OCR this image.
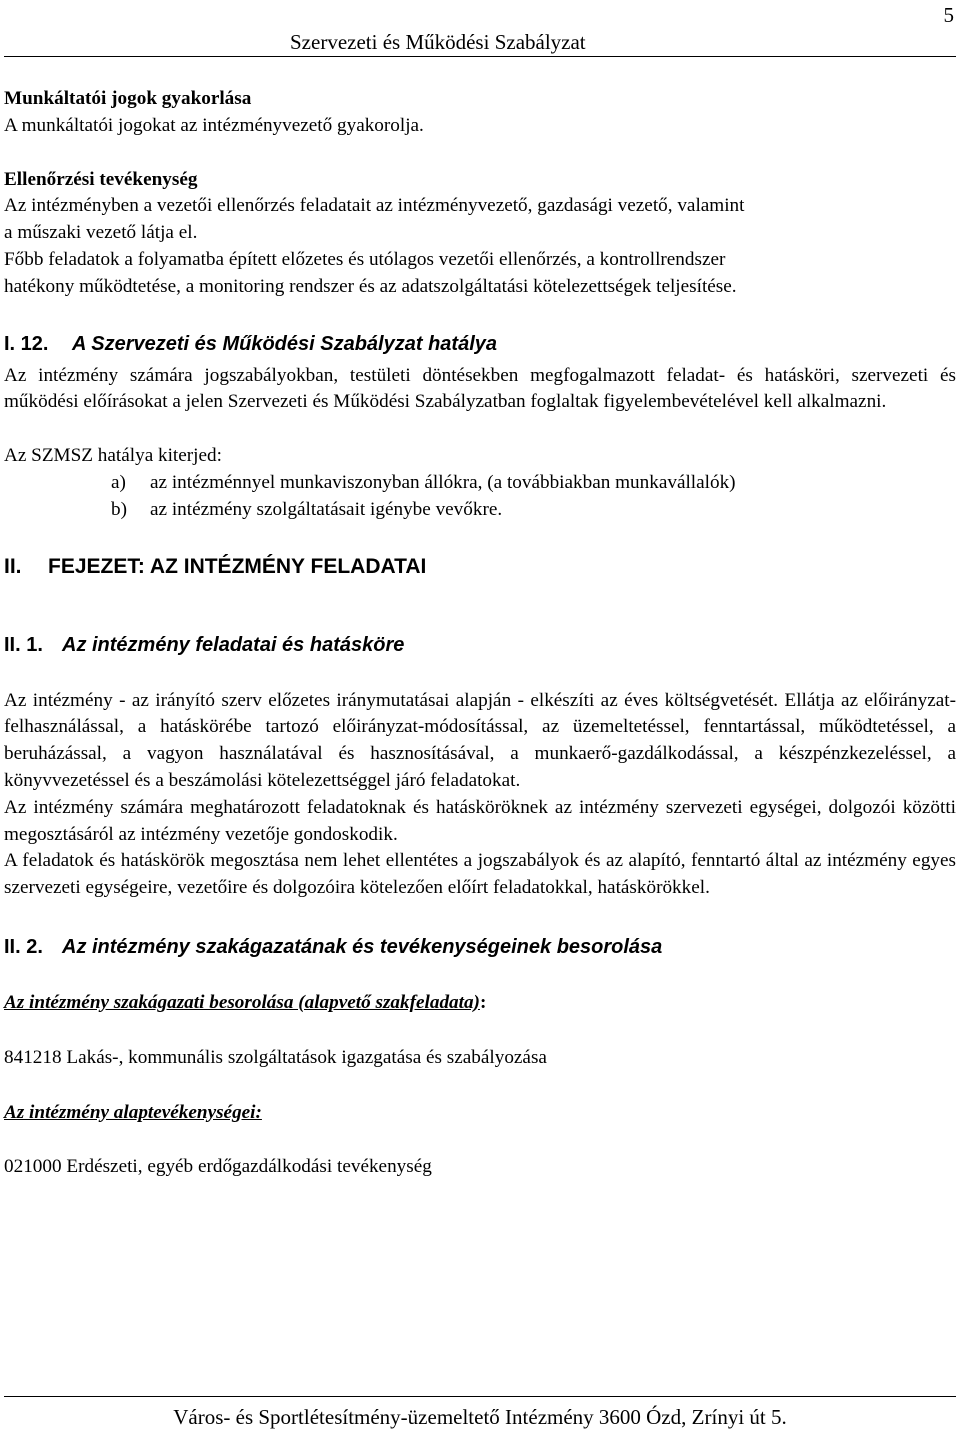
Szervezeti és Működési Szabályzat
5

Munkáltatói jogok gyakorlása

A munkáltatói jogokat az intézményvezető gyakorolja.

Ellenőrzési tevékenység

Az intézményben a vezetői ellenőrzés feladatait az intézményvezető, gazdasági vezető, valamint

a műszaki vezető látja el.

Főbb feladatok a folyamatba épített előzetes és utólagos vezetői ellenőrzés, a kontrollrendszer

hatékony működtetése, a monitoring rendszer és az adatszolgáltatási kötelezettségek teljesítése.

I. 12. A Szervezeti és Működési Szabályzat hatálya

Az intézmény számára jogszabályokban, testületi döntésekben megfogalmazott feladat- és hatásköri, szervezeti és működési előírásokat a jelen Szervezeti és Működési Szabályzatban foglaltak figyelembevételével kell alkalmazni.

Az SZMSZ hatálya kiterjed:

a) az intézménnyel munkaviszonyban állókra, (a továbbiakban munkavállalók)

b) az intézmény szolgáltatásait igénybe vevőkre.

II. FEJEZET: AZ INTÉZMÉNY FELADATAI

II. 1. Az intézmény feladatai és hatásköre

Az intézmény - az irányító szerv előzetes iránymutatásai alapján - elkészíti az éves költségvetését. Ellátja az előirányzat-felhasználással, a hatáskörébe tartozó előirányzat-módosítással, az üzemeltetéssel, fenntartással, működtetéssel, a beruházással, a vagyon használatával és hasznosításával, a munkaerő-gazdálkodással, a készpénzkezeléssel, a könyvvezetéssel és a beszámolási kötelezettséggel járó feladatokat.

Az intézmény számára meghatározott feladatoknak és hatásköröknek az intézmény szervezeti egységei, dolgozói közötti megosztásáról az intézmény vezetője gondoskodik.

A feladatok és hatáskörök megosztása nem lehet ellentétes a jogszabályok és az alapító, fenntartó által az intézmény egyes szervezeti egységeire, vezetőire és dolgozóira kötelezően előírt feladatokkal, hatáskörökkel.

II. 2. Az intézmény szakágazatának és tevékenységeinek besorolása

Az intézmény szakágazati besorolása (alapvető szakfeladata):

841218 Lakás-, kommunális szolgáltatások igazgatása és szabályozása

Az intézmény alaptevékenységei:

021000 Erdészeti, egyéb erdőgazdálkodási tevékenység

Város- és Sportlétesítmény-üzemeltető Intézmény 3600 Ózd, Zrínyi út 5.
